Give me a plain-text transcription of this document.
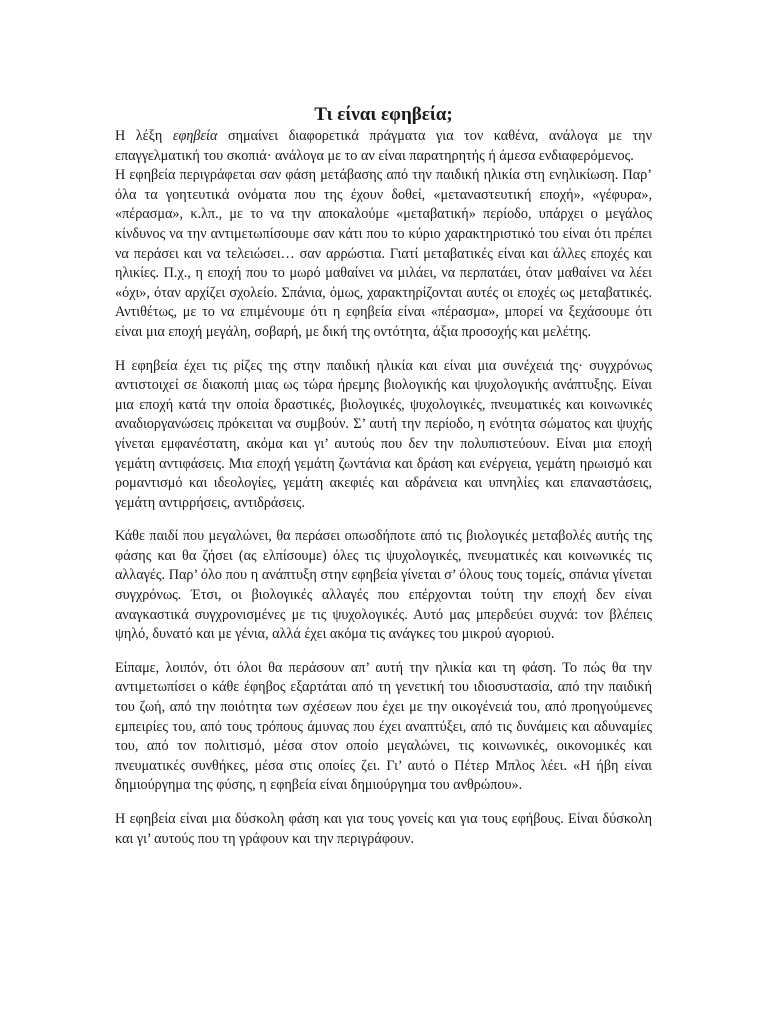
Τι είναι εφηβεία;

Η λέξη εφηβεία σημαίνει διαφορετικά πράγματα για τον καθένα, ανάλογα με την επαγγελματική του σκοπιά· ανάλογα με το αν είναι παρατηρητής ή άμεσα ενδιαφερόμενος.

Η εφηβεία περιγράφεται σαν φάση μετάβασης από την παιδική ηλικία στη ενηλικίωση. Παρ’ όλα τα γοητευτικά ονόματα που της έχουν δοθεί, «μεταναστευτική εποχή», «γέφυρα», «πέρασμα», κ.λπ., με το να την αποκαλούμε «μεταβατική» περίοδο, υπάρχει ο μεγάλος κίνδυνος να την αντιμετωπίσουμε σαν κάτι που το κύριο χαρακτηριστικό του είναι ότι πρέπει να περάσει και να τελειώσει… σαν αρρώστια. Γιατί μεταβατικές είναι και άλλες εποχές και ηλικίες. Π.χ., η εποχή που το μωρό μαθαίνει να μιλάει, να περπατάει, όταν μαθαίνει να λέει «όχι», όταν αρχίζει σχολείο. Σπάνια, όμως, χαρακτηρίζονται αυτές οι εποχές ως μεταβατικές. Αντιθέτως, με το να επιμένουμε ότι η εφηβεία είναι «πέρασμα», μπορεί να ξεχάσουμε ότι είναι μια εποχή μεγάλη, σοβαρή, με δική της οντότητα, άξια προσοχής και μελέτης.

Η εφηβεία έχει τις ρίζες της στην παιδική ηλικία και είναι μια συνέχειά της· συγχρόνως αντιστοιχεί σε διακοπή μιας ως τώρα ήρεμης βιολογικής και ψυχολογικής ανάπτυξης. Είναι μια εποχή κατά την οποία δραστικές, βιολογικές, ψυχολογικές, πνευματικές και κοινωνικές αναδιοργανώσεις πρόκειται να συμβούν. Σ’ αυτή την περίοδο, η ενότητα σώματος και ψυχής γίνεται εμφανέστατη, ακόμα και γι’ αυτούς που δεν την πολυπιστεύουν. Είναι μια εποχή γεμάτη αντιφάσεις. Μια εποχή γεμάτη ζωντάνια και δράση και ενέργεια, γεμάτη ηρωισμό και ρομαντισμό και ιδεολογίες, γεμάτη ακεφιές και αδράνεια και υπνηλίες και επαναστάσεις, γεμάτη αντιρρήσεις, αντιδράσεις.

Κάθε παιδί που μεγαλώνει, θα περάσει οπωσδήποτε από τις βιολογικές μεταβολές αυτής της φάσης και θα ζήσει (ας ελπίσουμε) όλες τις ψυχολογικές, πνευματικές και κοινωνικές τις αλλαγές. Παρ’ όλο που η ανάπτυξη στην εφηβεία γίνεται σ’ όλους τους τομείς, σπάνια γίνεται συγχρόνως. Έτσι, οι βιολογικές αλλαγές που επέρχονται τούτη την εποχή δεν είναι αναγκαστικά συγχρονισμένες με τις ψυχολογικές. Αυτό μας μπερδεύει συχνά: τον βλέπεις ψηλό, δυνατό και με γένια, αλλά έχει ακόμα τις ανάγκες του μικρού αγοριού.

Είπαμε, λοιπόν, ότι όλοι θα περάσουν απ’ αυτή την ηλικία και τη φάση. Το πώς θα την αντιμετωπίσει ο κάθε έφηβος εξαρτάται από τη γενετική του ιδιοσυστασία, από την παιδική του ζωή, από την ποιότητα των σχέσεων που έχει με την οικογένειά του, από προηγούμενες εμπειρίες του, από τους τρόπους άμυνας που έχει αναπτύξει, από τις δυνάμεις και αδυναμίες του, από τον πολιτισμό, μέσα στον οποίο μεγαλώνει, τις κοινωνικές, οικονομικές και πνευματικές συνθήκες, μέσα στις οποίες ζει. Γι’ αυτό ο Πέτερ Μπλος λέει. «Η ήβη είναι δημιούργημα της φύσης, η εφηβεία είναι δημιούργημα του ανθρώπου».

Η εφηβεία είναι μια δύσκολη φάση και για τους γονείς και για τους εφήβους. Είναι δύσκολη και γι’ αυτούς που τη γράφουν και την περιγράφουν.
